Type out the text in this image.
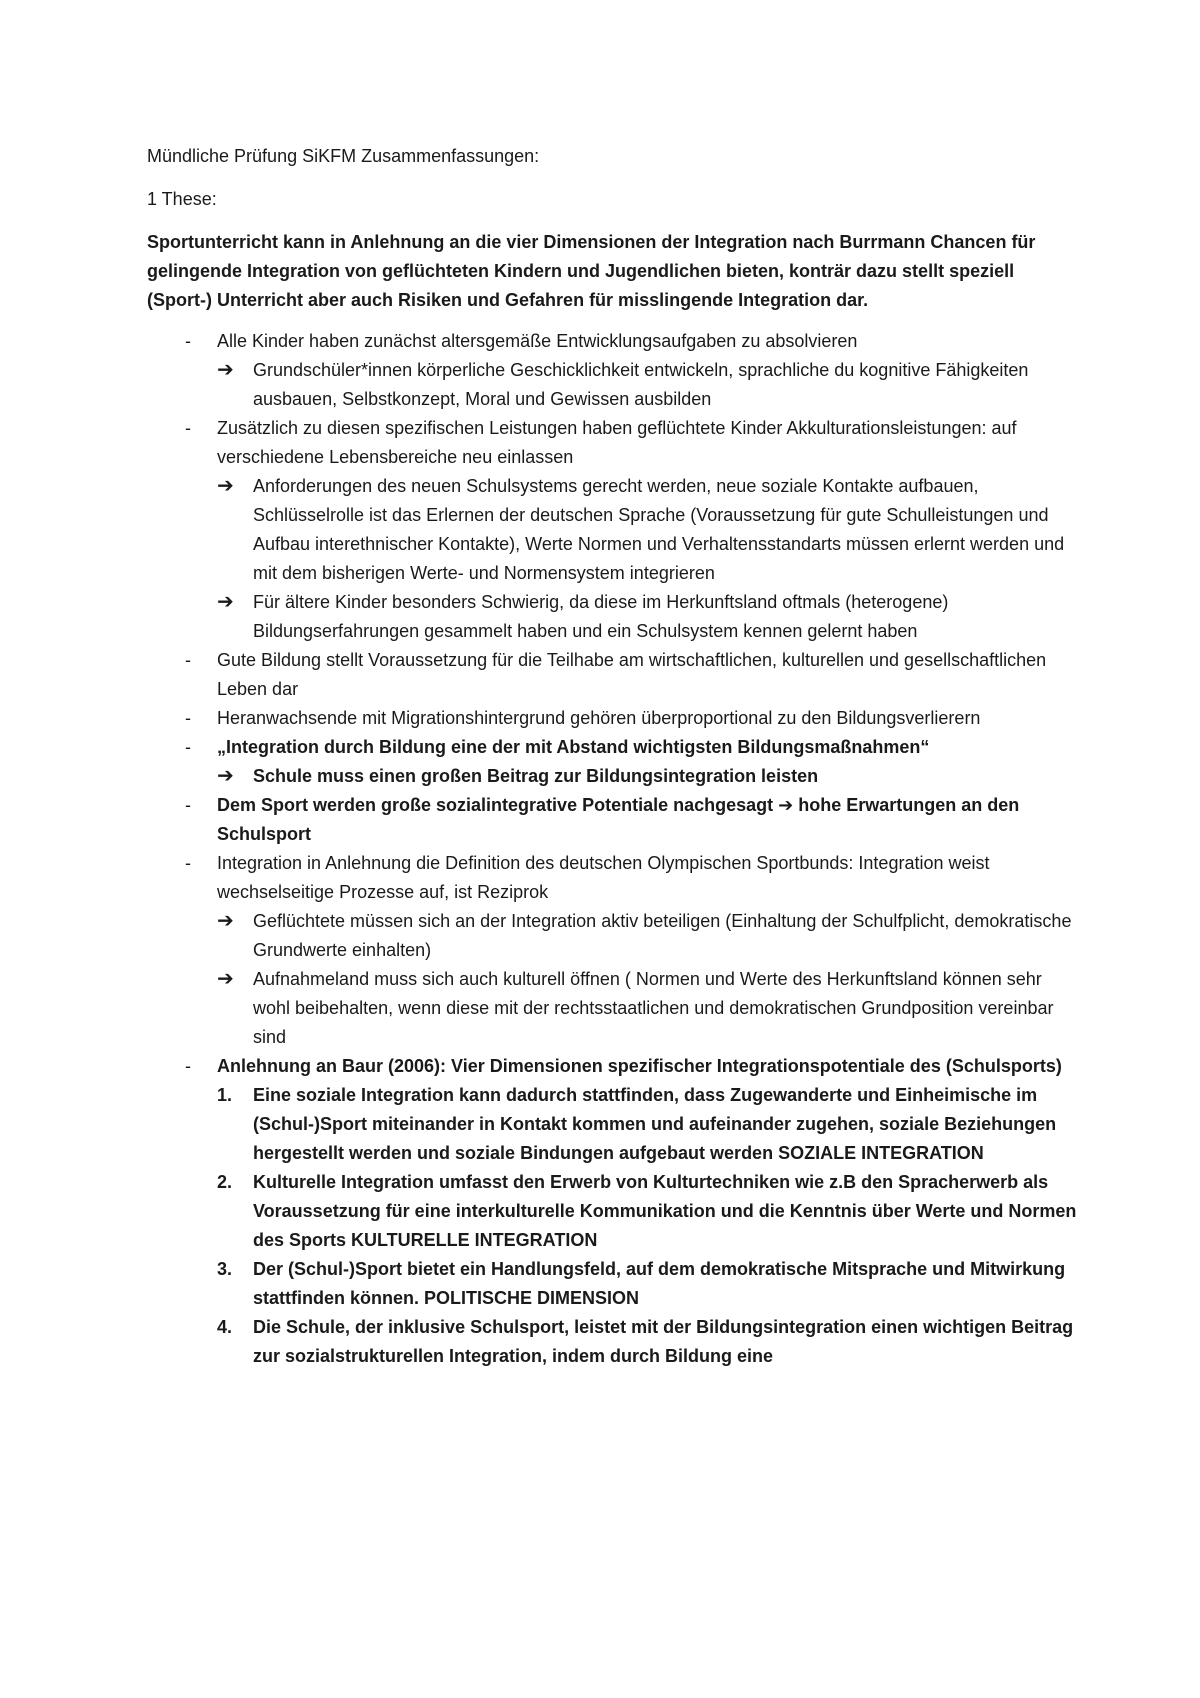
Mündliche Prüfung SiKFM Zusammenfassungen:
1 These:
Sportunterricht kann in Anlehnung an die vier Dimensionen der Integration nach Burrmann Chancen für gelingende Integration von geflüchteten Kindern und Jugendlichen bieten, konträr dazu stellt speziell (Sport-) Unterricht aber auch Risiken und Gefahren für misslingende Integration dar.
- Alle Kinder haben zunächst altersgemäße Entwicklungsaufgaben zu absolvieren
➔ Grundschüler*innen körperliche Geschicklichkeit entwickeln, sprachliche du kognitive Fähigkeiten ausbauen, Selbstkonzept, Moral und Gewissen ausbilden
- Zusätzlich zu diesen spezifischen Leistungen haben geflüchtete Kinder Akkulturationsleistungen: auf verschiedene Lebensbereiche neu einlassen
➔ Anforderungen des neuen Schulsystems gerecht werden, neue soziale Kontakte aufbauen, Schlüsselrolle ist das Erlernen der deutschen Sprache (Voraussetzung für gute Schulleistungen und Aufbau interethnischer Kontakte), Werte Normen und Verhaltensstandarts müssen erlernt werden und mit dem bisherigen Werte- und Normensystem integrieren
➔ Für ältere Kinder besonders Schwierig, da diese im Herkunftsland oftmals (heterogene) Bildungserfahrungen gesammelt haben und ein Schulsystem kennen gelernt haben
- Gute Bildung stellt Voraussetzung für die Teilhabe am wirtschaftlichen, kulturellen und gesellschaftlichen Leben dar
- Heranwachsende mit Migrationshintergrund gehören überproportional zu den Bildungsverlierern
- „Integration durch Bildung eine der mit Abstand wichtigsten Bildungsmaßnahmen“
➔ Schule muss einen großen Beitrag zur Bildungsintegration leisten
- Dem Sport werden große sozialintegrative Potentiale nachgesagt ➔ hohe Erwartungen an den Schulsport
- Integration in Anlehnung die Definition des deutschen Olympischen Sportbunds: Integration weist wechselseitige Prozesse auf, ist Reziprok
➔ Geflüchtete müssen sich an der Integration aktiv beteiligen (Einhaltung der Schulfplicht, demokratische Grundwerte einhalten)
➔ Aufnahmeland muss sich auch kulturell öffnen ( Normen und Werte des Herkunftsland können sehr wohl beibehalten, wenn diese mit der rechtsstaatlichen und demokratischen Grundposition vereinbar sind
- Anlehnung an Baur (2006): Vier Dimensionen spezifischer Integrationspotentiale des (Schulsports)
1. Eine soziale Integration kann dadurch stattfinden, dass Zugewanderte und Einheimische im (Schul-)Sport miteinander in Kontakt kommen und aufeinander zugehen, soziale Beziehungen hergestellt werden und soziale Bindungen aufgebaut werden SOZIALE INTEGRATION
2. Kulturelle Integration umfasst den Erwerb von Kulturtechniken wie z.B den Spracherwerb als Voraussetzung für eine interkulturelle Kommunikation und die Kenntnis über Werte und Normen des Sports KULTURELLE INTEGRATION
3. Der (Schul-)Sport bietet ein Handlungsfeld, auf dem demokratische Mitsprache und Mitwirkung stattfinden können. POLITISCHE DIMENSION
4. Die Schule, der inklusive Schulsport, leistet mit der Bildungsintegration einen wichtigen Beitrag zur sozialstrukturellen Integration, indem durch Bildung eine
